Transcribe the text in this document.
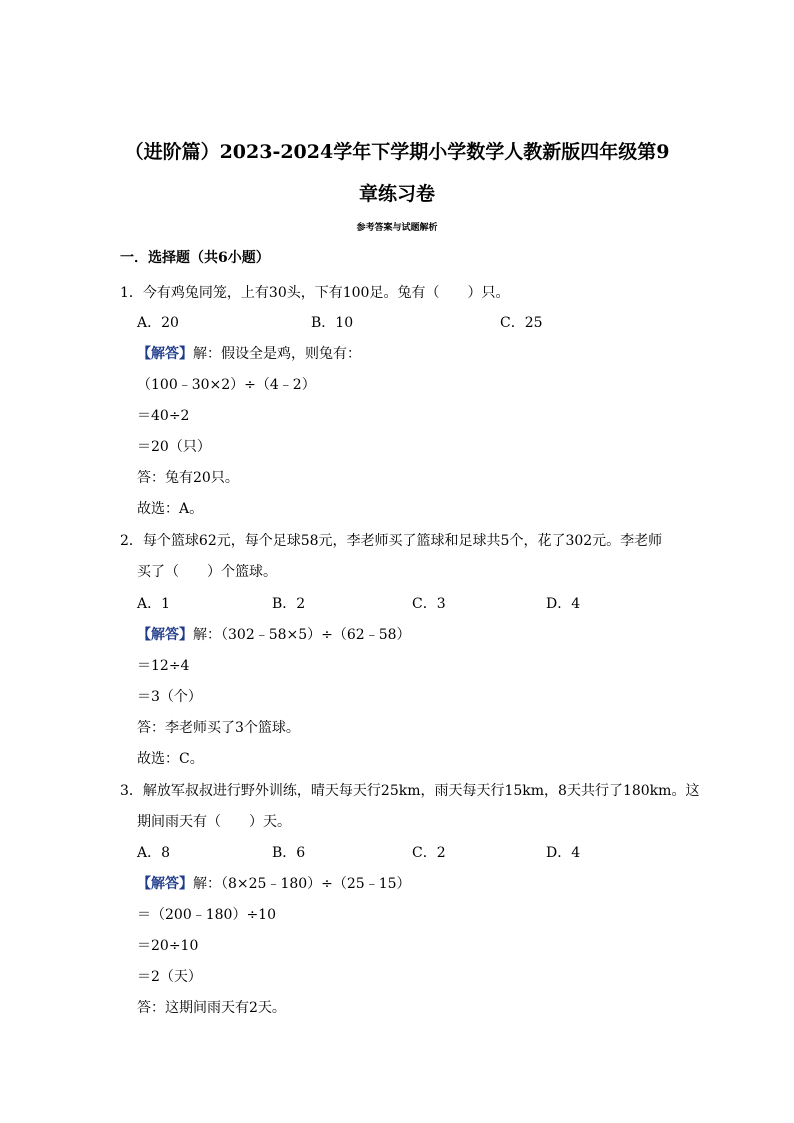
（进阶篇）2023-2024学年下学期小学数学人教新版四年级第9
章练习卷
参考答案与试题解析
一．选择题（共6小题）
1．今有鸡兔同笼，上有30头，下有100足。兔有（　　）只。
A．20	B．10	C．25
【解答】解：假设全是鸡，则兔有：
（100﹣30×2）÷（4﹣2）
＝40÷2
＝20（只）
答：兔有20只。
故选：A。
2．每个篮球62元，每个足球58元，李老师买了篮球和足球共5个，花了302元。李老师
买了（　　）个篮球。
A．1	B．2	C．3	D．4
【解答】解：（302﹣58×5）÷（62﹣58）
＝12÷4
＝3（个）
答：李老师买了3个篮球。
故选：C。
3．解放军叔叔进行野外训练，晴天每天行25km，雨天每天行15km，8天共行了180km。这
期间雨天有（　　）天。
A．8	B．6	C．2	D．4
【解答】解：（8×25﹣180）÷（25﹣15）
＝（200﹣180）÷10
＝20÷10
＝2（天）
答：这期间雨天有2天。
